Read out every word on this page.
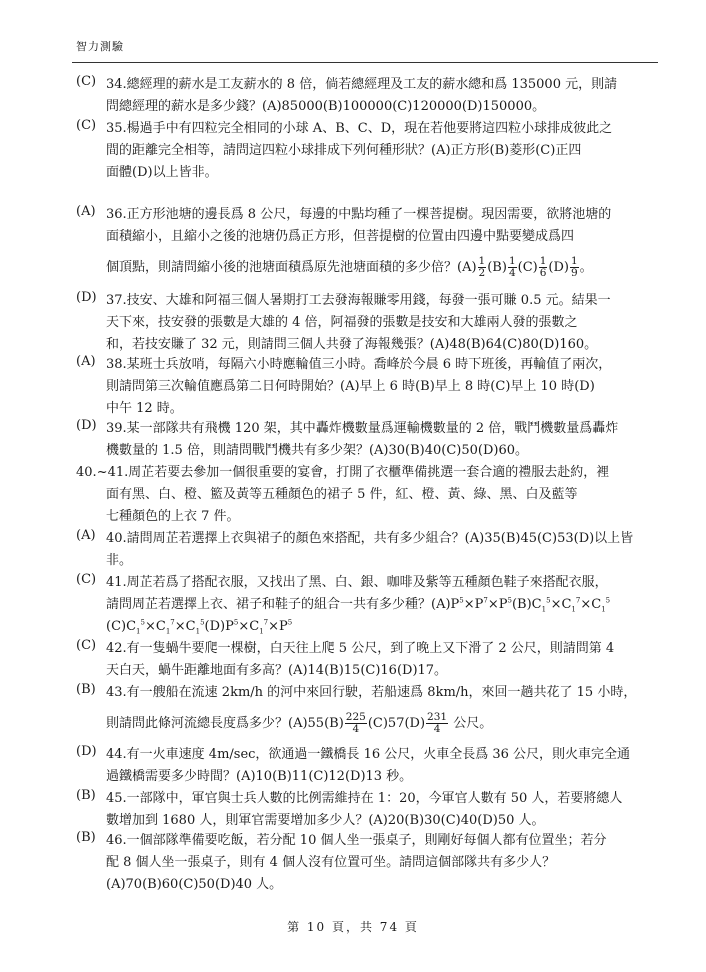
智力測驗
(C) 34.總經理的薪水是工友薪水的 8 倍，倘若總經理及工友的薪水總和爲 135000 元，則請
問總經理的薪水是多少錢？(A)85000(B)100000(C)120000(D)150000。
(C) 35.楊過手中有四粒完全相同的小球 A、B、C、D，現在若他要將這四粒小球排成彼此之
間的距離完全相等，請問這四粒小球排成下列何種形狀？(A)正方形(B)菱形(C)正四
面體(D)以上皆非。
(A) 36.正方形池塘的邊長爲 8 公尺，每邊的中點均種了一棵菩提樹。現因需要，欲將池塘的
面積縮小，且縮小之後的池塘仍爲正方形，但菩提樹的位置由四邊中點要變成爲四
個頂點，則請問縮小後的池塘面積爲原先池塘面積的多少倍？$(A) \frac{1}{2} (B) \frac{1}{4} (C) \frac{1}{6} (D) \frac{1}{9}$ 。
(D) 37.技安、大雄和阿福三個人暑期打工去發海報賺零用錢，每發一張可賺 0.5 元。結果一
天下來，技安發的張數是大雄的 4 倍，阿福發的張數是技安和大雄兩人發的張數之
和，若技安賺了 32 元，則請問三個人共發了海報幾張？(A)48(B)64(C)80(D)160。
(A) 38.某班士兵放哨，每隔六小時應輪值三小時。喬峰於今晨 6 時下班後，再輪值了兩次，
則請問第三次輪值應爲第二日何時開始？(A)早上 6 時(B)早上 8 時(C)早上 10 時(D)
中午 12 時。
(D) 39.某一部隊共有飛機 120 架，其中轟炸機數量爲運輸機數量的 2 倍，戰鬥機數量爲轟炸
機數量的 1.5 倍，則請問戰鬥機共有多少架？(A)30(B)40(C)50(D)60。
40.~41.周芷若要去參加一個很重要的宴會，打開了衣櫃準備挑選一套合適的禮服去赴約，裡
面有黑、白、橙、籃及黃等五種顏色的裙子 5 件，紅、橙、黃、綠、黑、白及藍等
七種顏色的上衣 7 件。
(A) 40.請問周芷若選擇上衣與裙子的顏色來搭配，共有多少組合？(A)35(B)45(C)53(D)以上皆
非。
(C) 41.周芷若爲了搭配衣服，又找出了黑、白、銀、咖啡及紫等五種顏色鞋子來搭配衣服，
請問周芷若選擇上衣、裙子和鞋子的組合一共有多少種？$(A)P^5\times P^7\times P^5(B)C_1^5\times C_1^7\times C_1^5$
$(C)C_1^5\times C_1^7\times C_1^5(D)P^5\times C_1^7\times P^5$
(C) 42.有一隻蝸牛要爬一棵樹，白天往上爬 5 公尺，到了晚上又下滑了 2 公尺，則請問第 4
天白天，蝸牛距離地面有多高？(A)14(B)15(C)16(D)17。
(B) 43.有一艘船在流速 2km/h 的河中來回行駛，若船速爲 8km/h，來回一趟共花了 15 小時，
則請問此條河流總長度爲多少？$(A)55(B) \frac{225}{4} (C)57(D) \frac{231}{4}$ 公尺。
(D) 44.有一火車速度 4m/sec，欲通過一鐵橋長 16 公尺，火車全長爲 36 公尺，則火車完全通
過鐵橋需要多少時間？(A)10(B)11(C)12(D)13 秒。
(B) 45.一部隊中，軍官與士兵人數的比例需維持在 1：20，今軍官人數有 50 人，若要將總人
數增加到 1680 人，則軍官需要增加多少人？(A)20(B)30(C)40(D)50 人。
(B) 46.一個部隊準備要吃飯，若分配 10 個人坐一張桌子，則剛好每個人都有位置坐；若分
配 8 個人坐一張桌子，則有 4 個人沒有位置可坐。請問這個部隊共有多少人？
(A)70(B)60(C)50(D)40 人。
第 10 頁，共 74 頁
